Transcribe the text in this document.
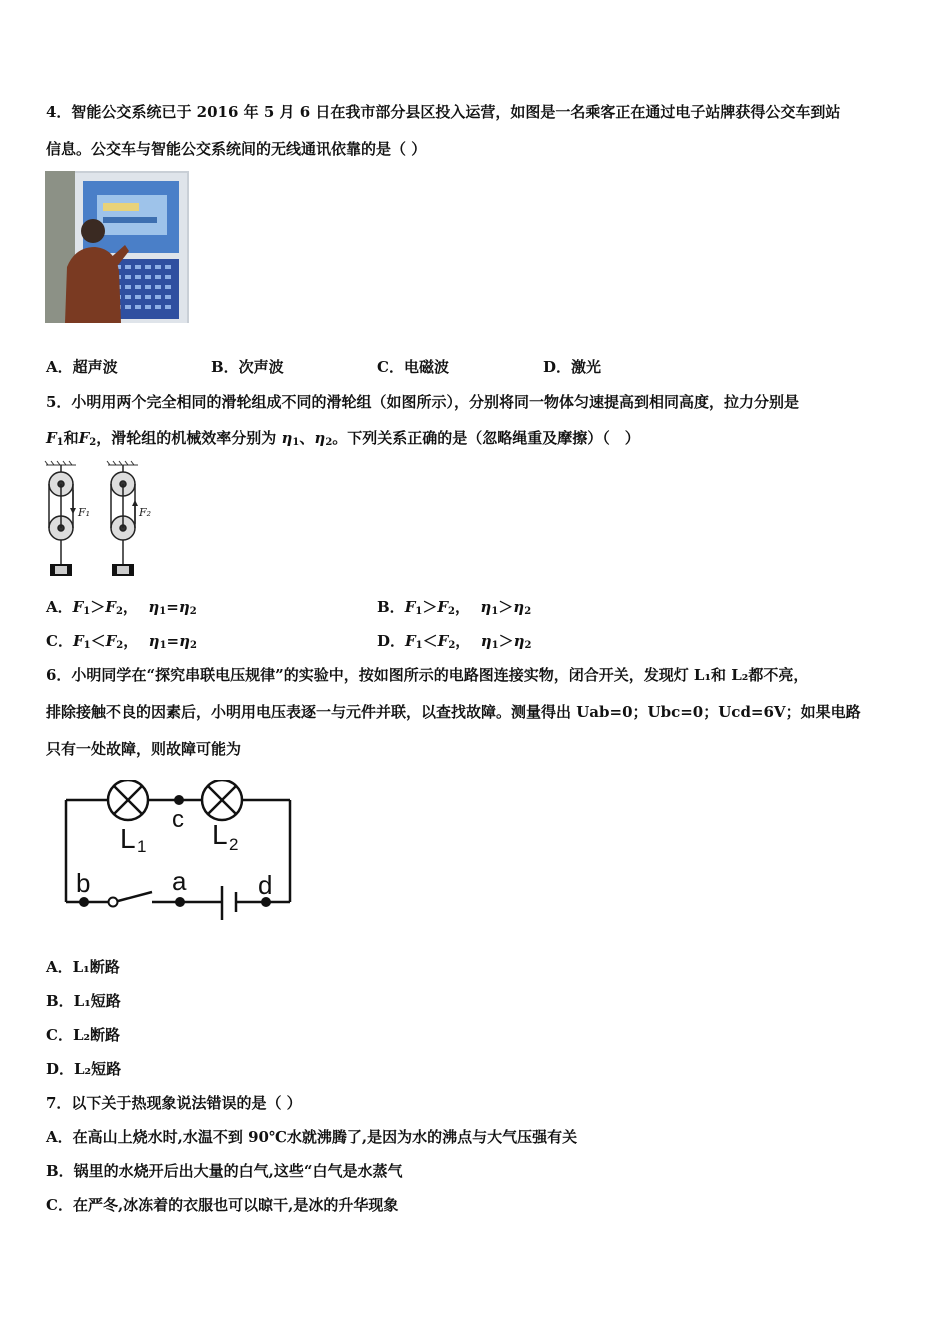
4．智能公交系统已于 2016 年 5 月 6 日在我市部分县区投入运营，如图是一名乘客正在通过电子站牌获得公交车到站
信息。公交车与智能公交系统间的无线通讯依靠的是（ ）
A．超声波	B．次声波	C．电磁波	D．激光
5．小明用两个完全相同的滑轮组成不同的滑轮组（如图所示），分别将同一物体匀速提高到相同高度，拉力分别是
$F_1$和$F_2$，滑轮组的机械效率分别为 $\eta_1$、$\eta_2$。下列关系正确的是（忽略绳重及摩擦）（　）
F₁	F₂
A．$F_1>F_2$，  $\eta_1=\eta_2$	B．$F_1>F_2$，  $\eta_1>\eta_2$
C．$F_1<F_2$，  $\eta_1=\eta_2$	D．$F_1<F_2$，  $\eta_1>\eta_2$
6．小明同学在“探究串联电压规律”的实验中，按如图所示的电路图连接实物，闭合开关，发现灯 L₁和 L₂都不亮，
排除接触不良的因素后，小明用电压表逐一与元件并联，以查找故障。测量得出 Uab=0；Ubc=0；Ucd=6V；如果电路
只有一处故障，则故障可能为
c
L 1 L 2
b	a	d
A．L₁断路
B．L₁短路
C．L₂断路
D．L₂短路
7．以下关于热现象说法错误的是（ ）
A．在高山上烧水时,水温不到 90℃水就沸腾了,是因为水的沸点与大气压强有关
B．锅里的水烧开后出大量的白气,这些“白气是水蒸气
C．在严冬,冰冻着的衣服也可以晾干,是冰的升华现象
